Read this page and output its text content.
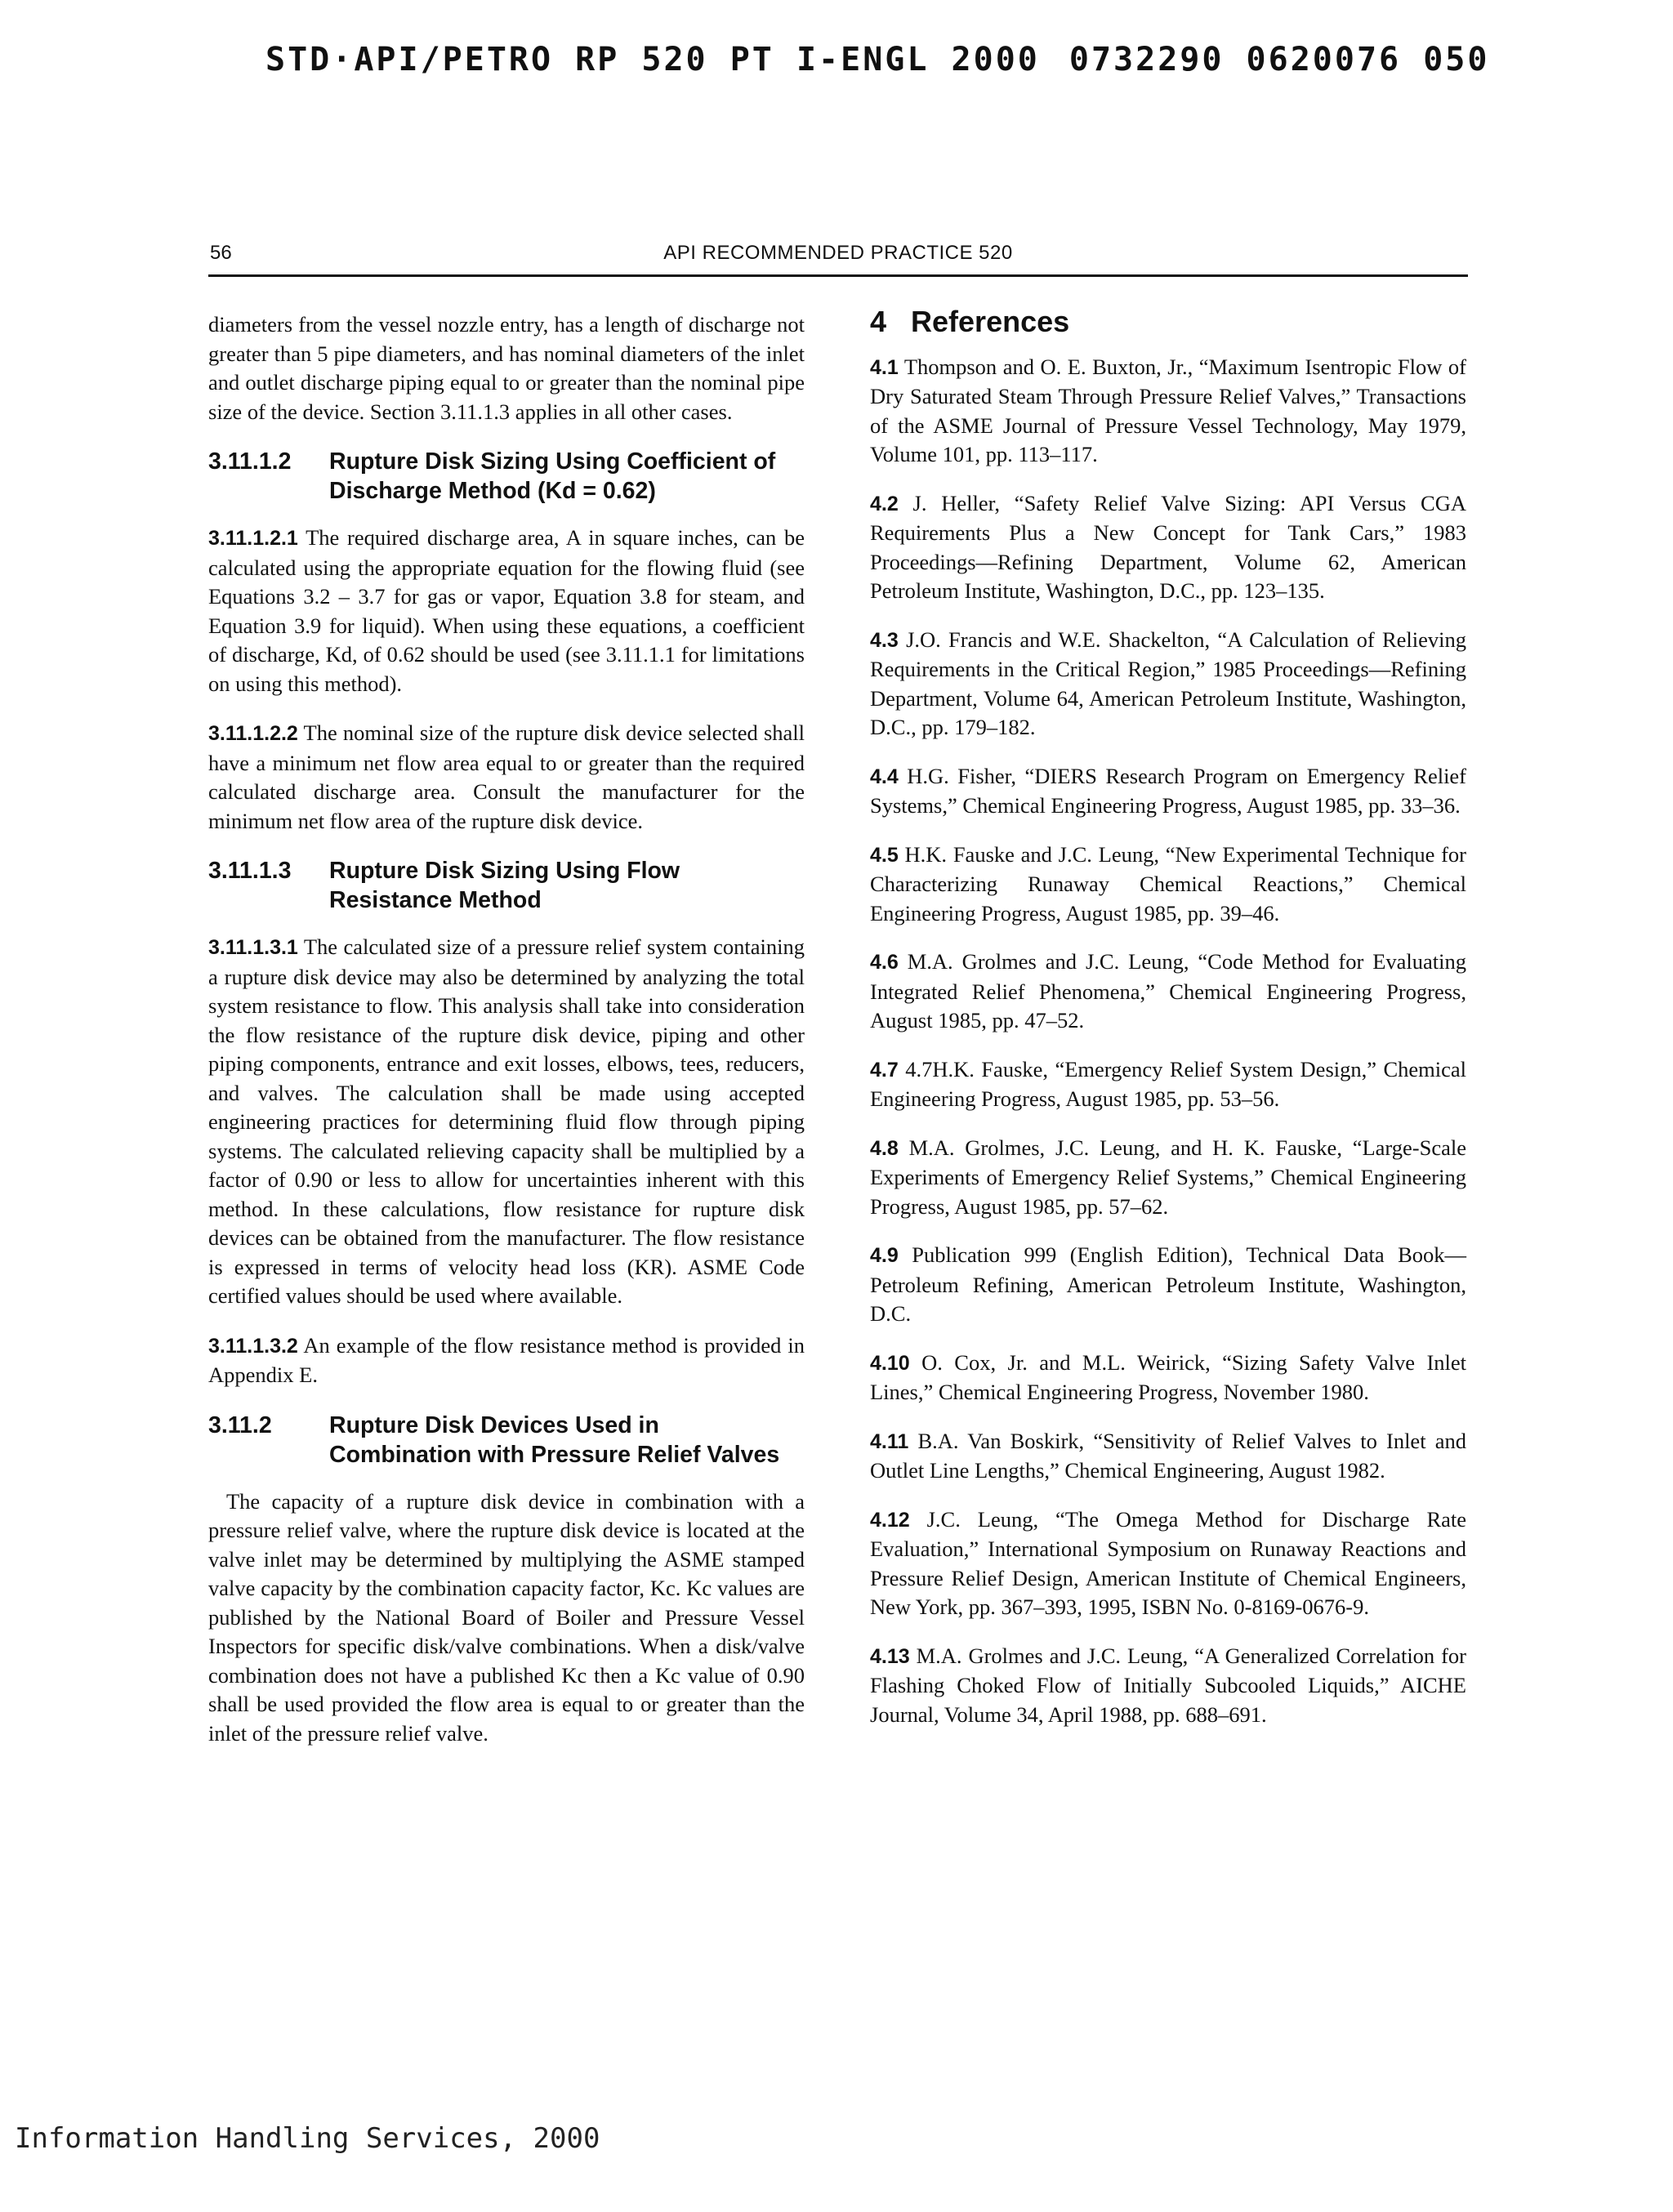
STD·API/PETRO RP 520 PT I-ENGL 2000 0732290 0620076 050
56	API RECOMMENDED PRACTICE 520

diameters from the vessel nozzle entry, has a length of discharge not greater than 5 pipe diameters, and has nominal diameters of the inlet and outlet discharge piping equal to or greater than the nominal pipe size of the device. Section 3.11.1.3 applies in all other cases.

3.11.1.2	Rupture Disk Sizing Using Coefficient of Discharge Method (Kd = 0.62)

3.11.1.2.1 The required discharge area, A in square inches, can be calculated using the appropriate equation for the flowing fluid (see Equations 3.2 – 3.7 for gas or vapor, Equation 3.8 for steam, and Equation 3.9 for liquid). When using these equations, a coefficient of discharge, Kd, of 0.62 should be used (see 3.11.1.1 for limitations on using this method).

3.11.1.2.2 The nominal size of the rupture disk device selected shall have a minimum net flow area equal to or greater than the required calculated discharge area. Consult the manufacturer for the minimum net flow area of the rupture disk device.

3.11.1.3	Rupture Disk Sizing Using Flow Resistance Method

3.11.1.3.1 The calculated size of a pressure relief system containing a rupture disk device may also be determined by analyzing the total system resistance to flow. This analysis shall take into consideration the flow resistance of the rupture disk device, piping and other piping components, entrance and exit losses, elbows, tees, reducers, and valves. The calculation shall be made using accepted engineering practices for determining fluid flow through piping systems. The calculated relieving capacity shall be multiplied by a factor of 0.90 or less to allow for uncertainties inherent with this method. In these calculations, flow resistance for rupture disk devices can be obtained from the manufacturer. The flow resistance is expressed in terms of velocity head loss (KR). ASME Code certified values should be used where available.

3.11.1.3.2 An example of the flow resistance method is provided in Appendix E.

3.11.2	Rupture Disk Devices Used in Combination with Pressure Relief Valves

The capacity of a rupture disk device in combination with a pressure relief valve, where the rupture disk device is located at the valve inlet may be determined by multiplying the ASME stamped valve capacity by the combination capacity factor, Kc. Kc values are published by the National Board of Boiler and Pressure Vessel Inspectors for specific disk/valve combinations. When a disk/valve combination does not have a published Kc then a Kc value of 0.90 shall be used provided the flow area is equal to or greater than the inlet of the pressure relief valve.

4 References

4.1 Thompson and O. E. Buxton, Jr., “Maximum Isentropic Flow of Dry Saturated Steam Through Pressure Relief Valves,” Transactions of the ASME Journal of Pressure Vessel Technology, May 1979, Volume 101, pp. 113–117.

4.2 J. Heller, “Safety Relief Valve Sizing: API Versus CGA Requirements Plus a New Concept for Tank Cars,” 1983 Proceedings—Refining Department, Volume 62, American Petroleum Institute, Washington, D.C., pp. 123–135.

4.3 J.O. Francis and W.E. Shackelton, “A Calculation of Relieving Requirements in the Critical Region,” 1985 Proceedings—Refining Department, Volume 64, American Petroleum Institute, Washington, D.C., pp. 179–182.

4.4 H.G. Fisher, “DIERS Research Program on Emergency Relief Systems,” Chemical Engineering Progress, August 1985, pp. 33–36.

4.5 H.K. Fauske and J.C. Leung, “New Experimental Technique for Characterizing Runaway Chemical Reactions,” Chemical Engineering Progress, August 1985, pp. 39–46.

4.6 M.A. Grolmes and J.C. Leung, “Code Method for Evaluating Integrated Relief Phenomena,” Chemical Engineering Progress, August 1985, pp. 47–52.

4.7 4.7H.K. Fauske, “Emergency Relief System Design,” Chemical Engineering Progress, August 1985, pp. 53–56.

4.8 M.A. Grolmes, J.C. Leung, and H. K. Fauske, “Large-Scale Experiments of Emergency Relief Systems,” Chemical Engineering Progress, August 1985, pp. 57–62.

4.9 Publication 999 (English Edition), Technical Data Book—Petroleum Refining, American Petroleum Institute, Washington, D.C.

4.10 O. Cox, Jr. and M.L. Weirick, “Sizing Safety Valve Inlet Lines,” Chemical Engineering Progress, November 1980.

4.11 B.A. Van Boskirk, “Sensitivity of Relief Valves to Inlet and Outlet Line Lengths,” Chemical Engineering, August 1982.

4.12 J.C. Leung, “The Omega Method for Discharge Rate Evaluation,” International Symposium on Runaway Reactions and Pressure Relief Design, American Institute of Chemical Engineers, New York, pp. 367–393, 1995, ISBN No. 0-8169-0676-9.

4.13 M.A. Grolmes and J.C. Leung, “A Generalized Correlation for Flashing Choked Flow of Initially Subcooled Liquids,” AICHE Journal, Volume 34, April 1988, pp. 688–691.

Information Handling Services, 2000
